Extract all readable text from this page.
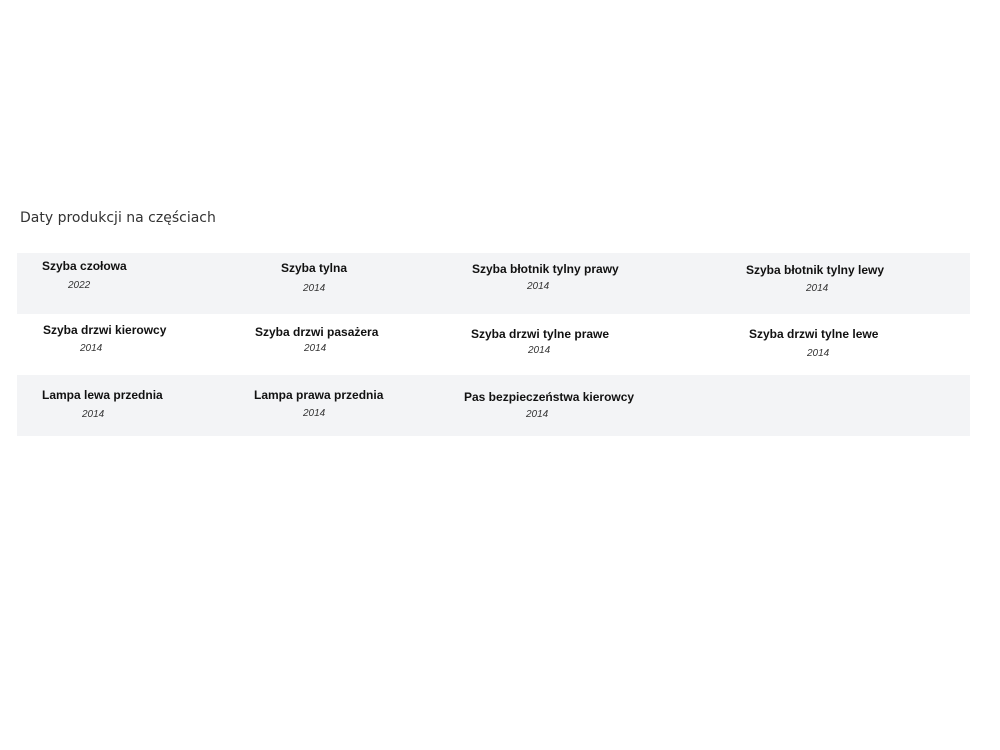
Daty produkcji na częściach
Szyba czołowa
2022
Szyba tylna
2014
Szyba błotnik tylny prawy
2014
Szyba błotnik tylny lewy
2014
Szyba drzwi kierowcy
2014
Szyba drzwi pasażera
2014
Szyba drzwi tylne prawe
2014
Szyba drzwi tylne lewe
2014
Lampa lewa przednia
2014
Lampa prawa przednia
2014
Pas bezpieczeństwa kierowcy
2014
